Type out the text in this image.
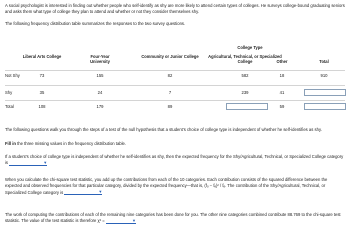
A social psychologist is interested in finding out whether people who self-identify as shy are more likely to attend certain types of colleges. He surveys college-bound graduating seniors and asks them what type of college they plan to attend and whether or not they consider themselves shy.
The following frequency distribution table summarizes the responses to the two survey questions.
College Type
Liberal Arts College	Four-Year University
Community or Junior College	Agricultural, Technical, or Specialized College	Other	Total
Not Shy	73	155	82	582	18	910
Shy	35	24	7	239	41
Total	108	179	89	59
The following questions walk you through the steps of a test of the null hypothesis that a student’s choice of college type is independent of whether he self-identifies as shy.
Fill in the three missing values in the frequency distribution table.
If a student’s choice of college type is independent of whether he self-identifies as shy, then the expected frequency for the Shy/Agricultural, Technical, or Specialized College category is	▼
When you calculate the chi-square test statistic, you add up the contributions from each of the 10 categories. Each contribution consists of the squared difference between the expected and observed frequencies for that particular category, divided by the expected frequency—that is, (fₒ − fₑ)² / fₑ. The contribution of the Shy/Agricultural, Technical, or Specialized College category is	▼
The work of computing the contributions of each of the remaining nine categories has been done for you. The other nine categories combined contribute 88.769 to the chi-square test statistic. The value of the test statistic is therefore χ² =	▼
